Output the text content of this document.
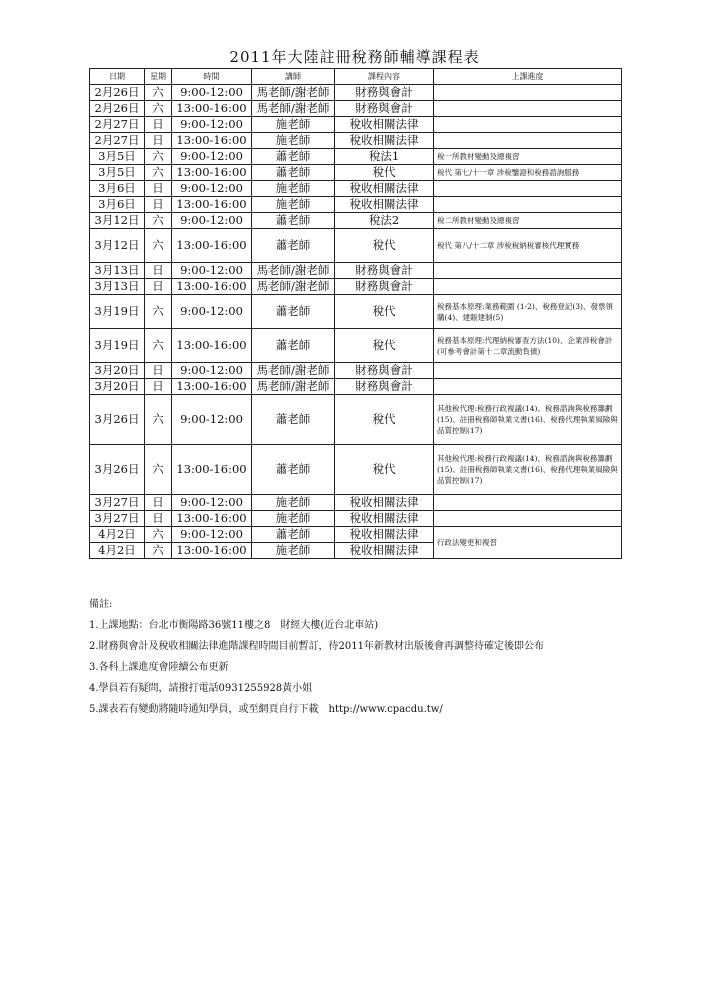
2011年大陸註冊稅務師輔導課程表
日期	星期	時間	講師	課程內容	上課進度
2月26日	六	9:00-12:00	馬老師/謝老師	財務與會計	
2月26日	六	13:00-16:00	馬老師/謝老師	財務與會計	
2月27日	日	9:00-12:00	施老師	稅收相關法律	
2月27日	日	13:00-16:00	施老師	稅收相關法律	
3月5日	六	9:00-12:00	蕭老師	稅法1	稅一所教材變動及總複習
3月5日	六	13:00-16:00	蕭老師	稅代	稅代 第七/十一章 涉稅鑒證和稅務諮詢服務
3月6日	日	9:00-12:00	施老師	稅收相關法律	
3月6日	日	13:00-16:00	施老師	稅收相關法律	
3月12日	六	9:00-12:00	蕭老師	稅法2	稅二所教材變動及總複習
3月12日	六	13:00-16:00	蕭老師	稅代	稅代 第八/十二章 涉稅稅納稅審核代理實務
3月13日	日	9:00-12:00	馬老師/謝老師	財務與會計	
3月13日	日	13:00-16:00	馬老師/謝老師	財務與會計	
3月19日	六	9:00-12:00	蕭老師	稅代	稅務基本原理:業務範圍 (1-2)、稅務登記(3)、發票領購(4)、建賬建制(5)
3月19日	六	13:00-16:00	蕭老師	稅代	稅務基本原理:代理納稅審查方法(10)、企業涉稅會計(可參考會計第十二章流動負債)
3月20日	日	9:00-12:00	馬老師/謝老師	財務與會計	
3月20日	日	13:00-16:00	馬老師/謝老師	財務與會計	
3月26日	六	9:00-12:00	蕭老師	稅代	其他稅代理:稅務行政複議(14)、稅務諮詢與稅務籌劃(15)、註冊稅務師執業文書(16)、稅務代理執業風險與品質控制(17)
3月26日	六	13:00-16:00	蕭老師	稅代	其他稅代理:稅務行政複議(14)、稅務諮詢與稅務籌劃(15)、註冊稅務師執業文書(16)、稅務代理執業風險與品質控制(17)
3月27日	日	9:00-12:00	施老師	稅收相關法律	
3月27日	日	13:00-16:00	施老師	稅收相關法律	
4月2日	六	9:00-12:00	蕭老師	稅收相關法律	行政法變更和複習
4月2日	六	13:00-16:00	施老師	稅收相關法律	
備註:
1.上課地點：台北市衡陽路36號11樓之8　財經大樓(近台北車站)
2.財務與會計及稅收相關法律進階課程時間目前暫訂，待2011年新教材出版後會再調整待確定後即公布
3.各科上課進度會陸續公布更新
4.學員若有疑問，請撥打電話0931255928黃小姐
5.課表若有變動將隨時通知學員，或至網頁自行下載　http://www.cpacdu.tw/
